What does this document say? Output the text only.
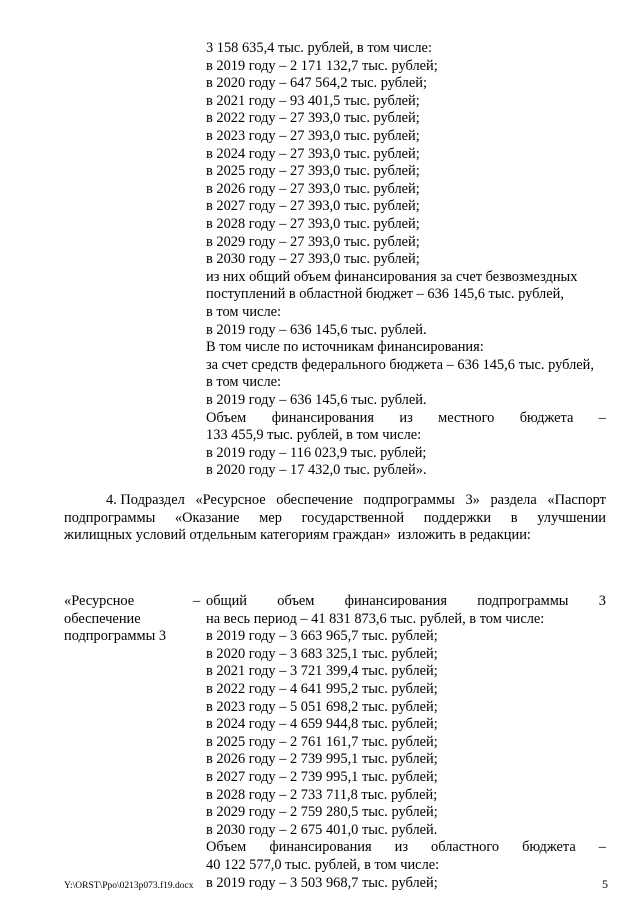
3 158 635,4 тыс. рублей, в том числе:
в 2019 году – 2 171 132,7 тыс. рублей;
в 2020 году – 647 564,2 тыс. рублей;
в 2021 году – 93 401,5 тыс. рублей;
в 2022 году – 27 393,0 тыс. рублей;
в 2023 году – 27 393,0 тыс. рублей;
в 2024 году – 27 393,0 тыс. рублей;
в 2025 году – 27 393,0 тыс. рублей;
в 2026 году – 27 393,0 тыс. рублей;
в 2027 году – 27 393,0 тыс. рублей;
в 2028 году – 27 393,0 тыс. рублей;
в 2029 году – 27 393,0 тыс. рублей;
в 2030 году – 27 393,0 тыс. рублей;
из них общий объем финансирования за счет безвозмездных
поступлений в областной бюджет – 636 145,6 тыс. рублей,
в том числе:
в 2019 году – 636 145,6 тыс. рублей.
В том числе по источникам финансирования:
за счет средств федерального бюджета – 636 145,6 тыс. рублей,
в том числе:
в 2019 году – 636 145,6 тыс. рублей.
Объем финансирования из местного бюджета –
133 455,9 тыс. рублей, в том числе:
в 2019 году – 116 023,9 тыс. рублей;
в 2020 году – 17 432,0 тыс. рублей».
4. Подраздел «Ресурсное обеспечение подпрограммы 3» раздела «Паспорт
подпрограммы «Оказание мер государственной поддержки в улучшении
жилищных условий отдельным категориям граждан»  изложить в редакции:
«Ресурсное
обеспечение
подпрограммы 3
– общий объем финансирования подпрограммы 3
на весь период – 41 831 873,6 тыс. рублей, в том числе:
в 2019 году – 3 663 965,7 тыс. рублей;
в 2020 году – 3 683 325,1 тыс. рублей;
в 2021 году – 3 721 399,4 тыс. рублей;
в 2022 году – 4 641 995,2 тыс. рублей;
в 2023 году – 5 051 698,2 тыс. рублей;
в 2024 году – 4 659 944,8 тыс. рублей;
в 2025 году – 2 761 161,7 тыс. рублей;
в 2026 году – 2 739 995,1 тыс. рублей;
в 2027 году – 2 739 995,1 тыс. рублей;
в 2028 году – 2 733 711,8 тыс. рублей;
в 2029 году – 2 759 280,5 тыс. рублей;
в 2030 году – 2 675 401,0 тыс. рублей.
Объем финансирования из областного бюджета –
40 122 577,0 тыс. рублей, в том числе:
в 2019 году – 3 503 968,7 тыс. рублей;
Y:\ORST\Ppo\0213p073.f19.docx	5
